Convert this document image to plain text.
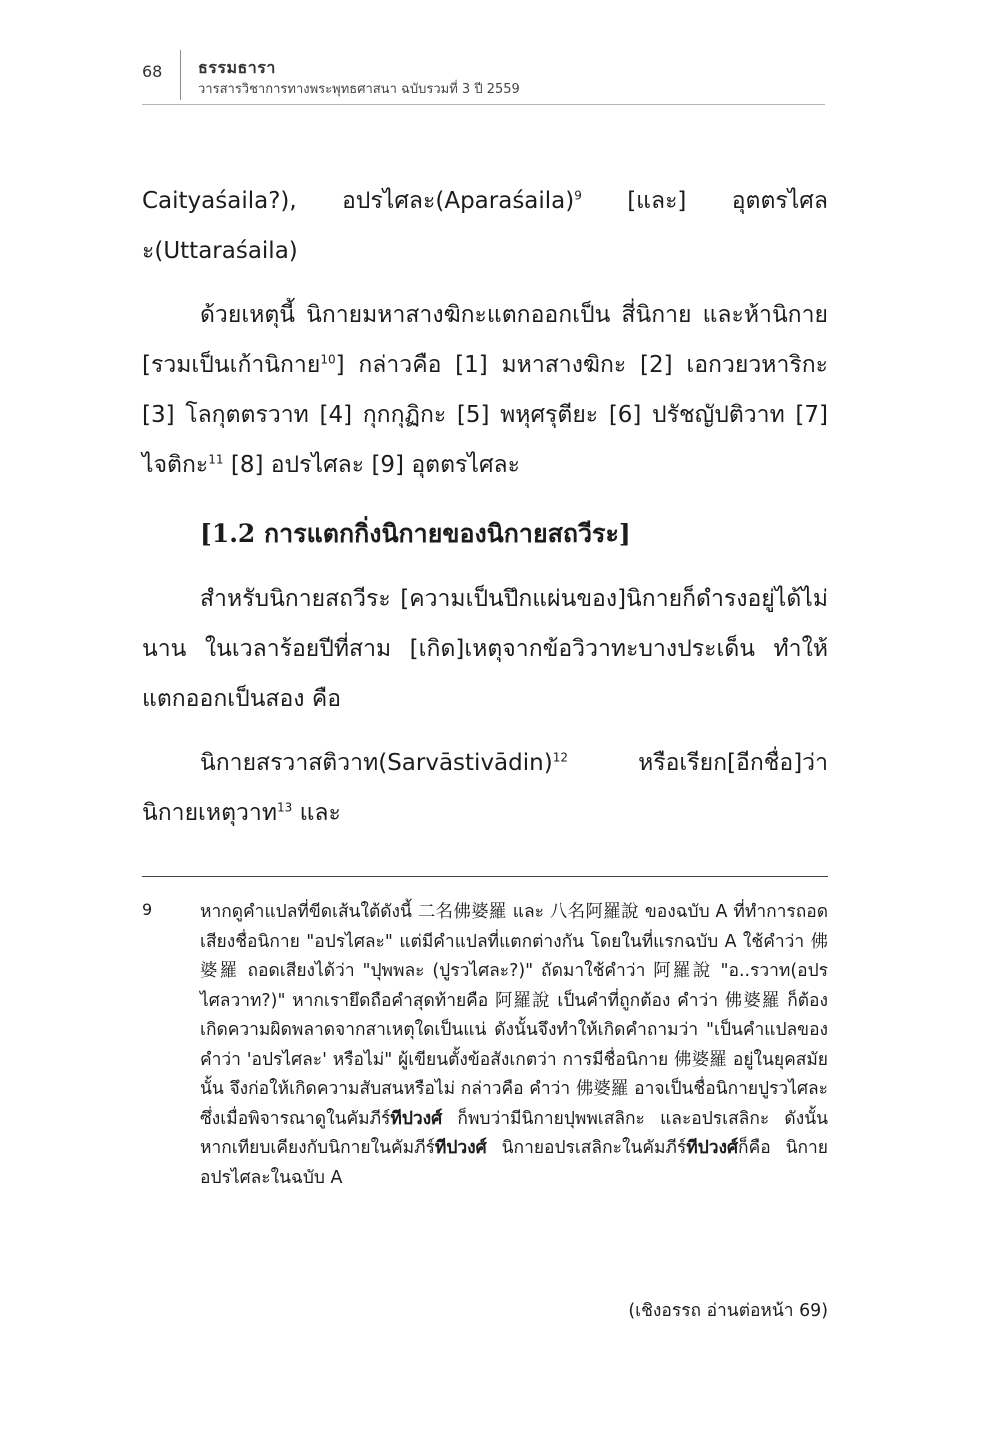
68 ธรรมธารา
วารสารวิชาการทางพระพุทธศาสนา ฉบับรวมที่ 3 ปี 2559

Caityaśaila?), อปรไศละ(Aparaśaila)$^9$ [และ] อุตตรไศละ(Uttaraśaila)

ด้วยเหตุนี้ นิกายมหาสางฆิกะแตกออกเป็น สี่นิกาย และห้านิกาย [รวมเป็นเก้านิกาย$^{10}$] กล่าวคือ [1] มหาสางฆิกะ [2] เอกวยวหาริกะ [3] โลกุตตรวาท [4] กุกกุฏิกะ [5] พหุศรุตียะ [6] ปรัชญัปติวาท [7] ไจติกะ$^{11}$ [8] อปรไศละ [9] อุตตรไศละ

[1.2 การแตกกิ่งนิกายของนิกายสถวีระ]

สำหรับนิกายสถวีระ [ความเป็นปึกแผ่นของ]นิกายก็ดำรงอยู่ได้ไม่นาน ในเวลาร้อยปีที่สาม [เกิด]เหตุจากข้อวิวาทะบางประเด็น ทำให้แตกออกเป็นสอง คือ

นิกายสรวาสติวาท(Sarvāstivādin)$^{12}$ หรือเรียก[อีกชื่อ]ว่า นิกายเหตุวาท$^{13}$ และ

9	หากดูคำแปลที่ขีดเส้นใต้ดังนี้ 二名佛婆羅 และ 八名阿羅說 ของฉบับ A ที่ทำการถอดเสียงชื่อนิกาย "อปรไศละ" แต่มีคำแปลที่แตกต่างกัน โดยในที่แรกฉบับ A ใช้คำว่า 佛婆羅 ถอดเสียงได้ว่า "ปุพพละ (ปูรวไศละ?)" ถัดมาใช้คำว่า 阿羅說 "อ..รวาท(อปรไศลวาท?)" หากเรายึดถือคำสุดท้ายคือ 阿羅說 เป็นคำที่ถูกต้อง คำว่า 佛婆羅 ก็ต้องเกิดความผิดพลาดจากสาเหตุใดเป็นแน่ ดังนั้นจึงทำให้เกิดคำถามว่า "เป็นคำแปลของคำว่า 'อปรไศละ' หรือไม่" ผู้เขียนตั้งข้อสังเกตว่า การมีชื่อนิกาย 佛婆羅 อยู่ในยุคสมัยนั้น จึงก่อให้เกิดความสับสนหรือไม่ กล่าวคือ คำว่า 佛婆羅 อาจเป็นชื่อนิกายปูรวไศละ ซึ่งเมื่อพิจารณาดูในคัมภีร์ทีปวงศ์ ก็พบว่ามีนิกายปุพพเสลิกะ และอปรเสลิกะ ดังนั้นหากเทียบเคียงกับนิกายในคัมภีร์ทีปวงศ์ นิกายอปรเสลิกะในคัมภีร์ทีปวงศ์ก็คือ นิกายอปรไศละในฉบับ A
(เชิงอรรถ อ่านต่อหน้า 69)
